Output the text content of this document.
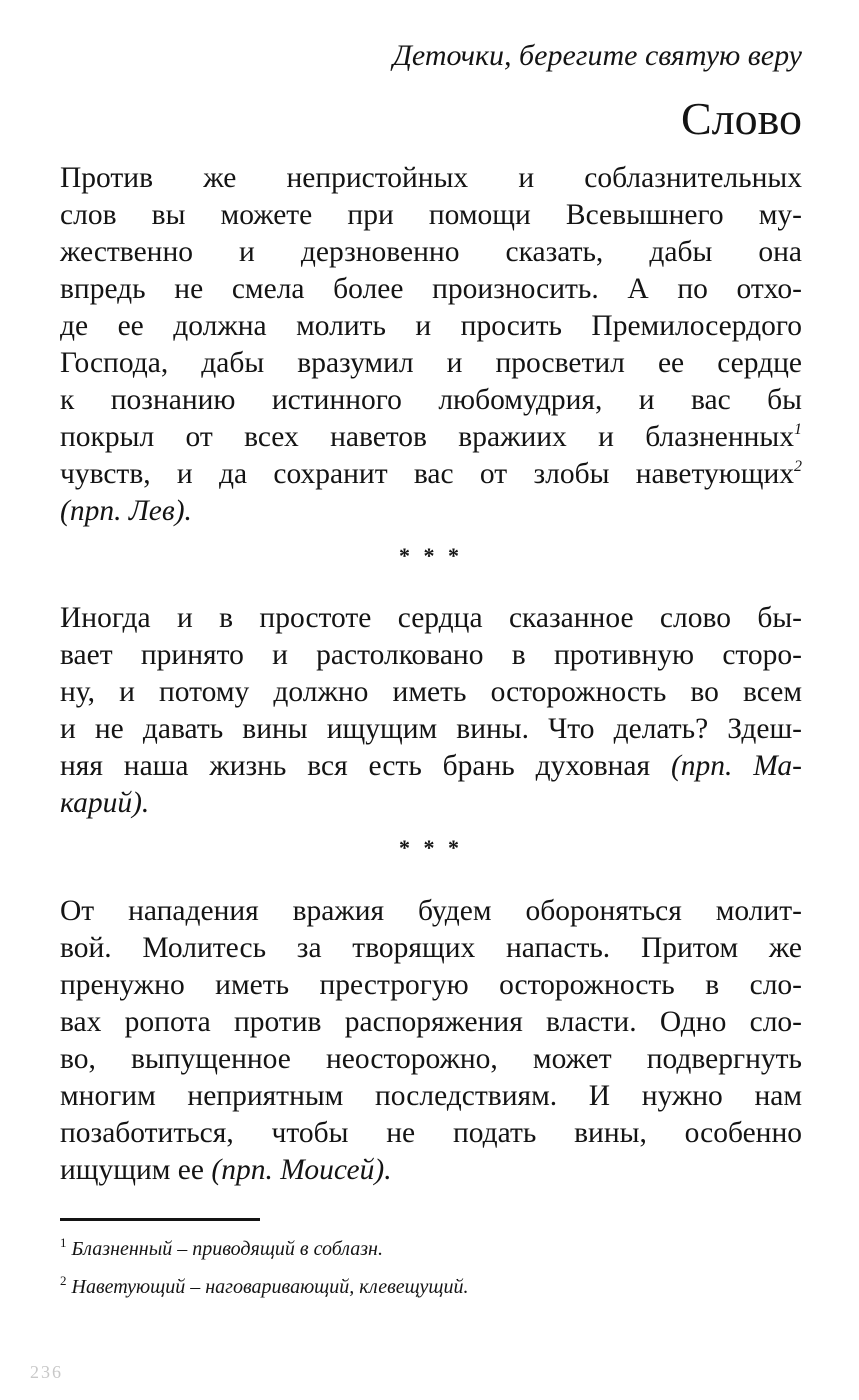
Деточки, берегите святую веру
Слово
Против же непристойных и соблазнительных
слов вы можете при помощи Всевышнего му-
жественно и дерзновенно сказать, дабы она
впредь не смела более произносить. А по отхо-
де ее должна молить и просить Премилосердого
Господа, дабы вразумил и просветил ее сердце
к познанию истинного любомудрия, и вас бы
покрыл от всех наветов вражиих и блазненных$^1$
чувств, и да сохранит вас от злобы наветующих$^2$
(прп. Лев).
* * *
Иногда и в простоте сердца сказанное слово бы-
вает принято и растолковано в противную сторо-
ну, и потому должно иметь осторожность во всем
и не давать вины ищущим вины. Что делать? Здеш-
няя наша жизнь вся есть брань духовная (прп. Ма-
карий).
* * *
От нападения вражия будем обороняться молит-
вой. Молитесь за творящих напасть. Притом же
пренужно иметь престрогую осторожность в сло-
вах ропота против распоряжения власти. Одно сло-
во, выпущенное неосторожно, может подвергнуть
многим неприятным последствиям. И нужно нам
позаботиться, чтобы не подать вины, особенно
ищущим ее (прп. Моисей).
$^1$ Блазненный – приводящий в соблазн.
$^2$ Наветующий – наговаривающий, клевещущий.
236
